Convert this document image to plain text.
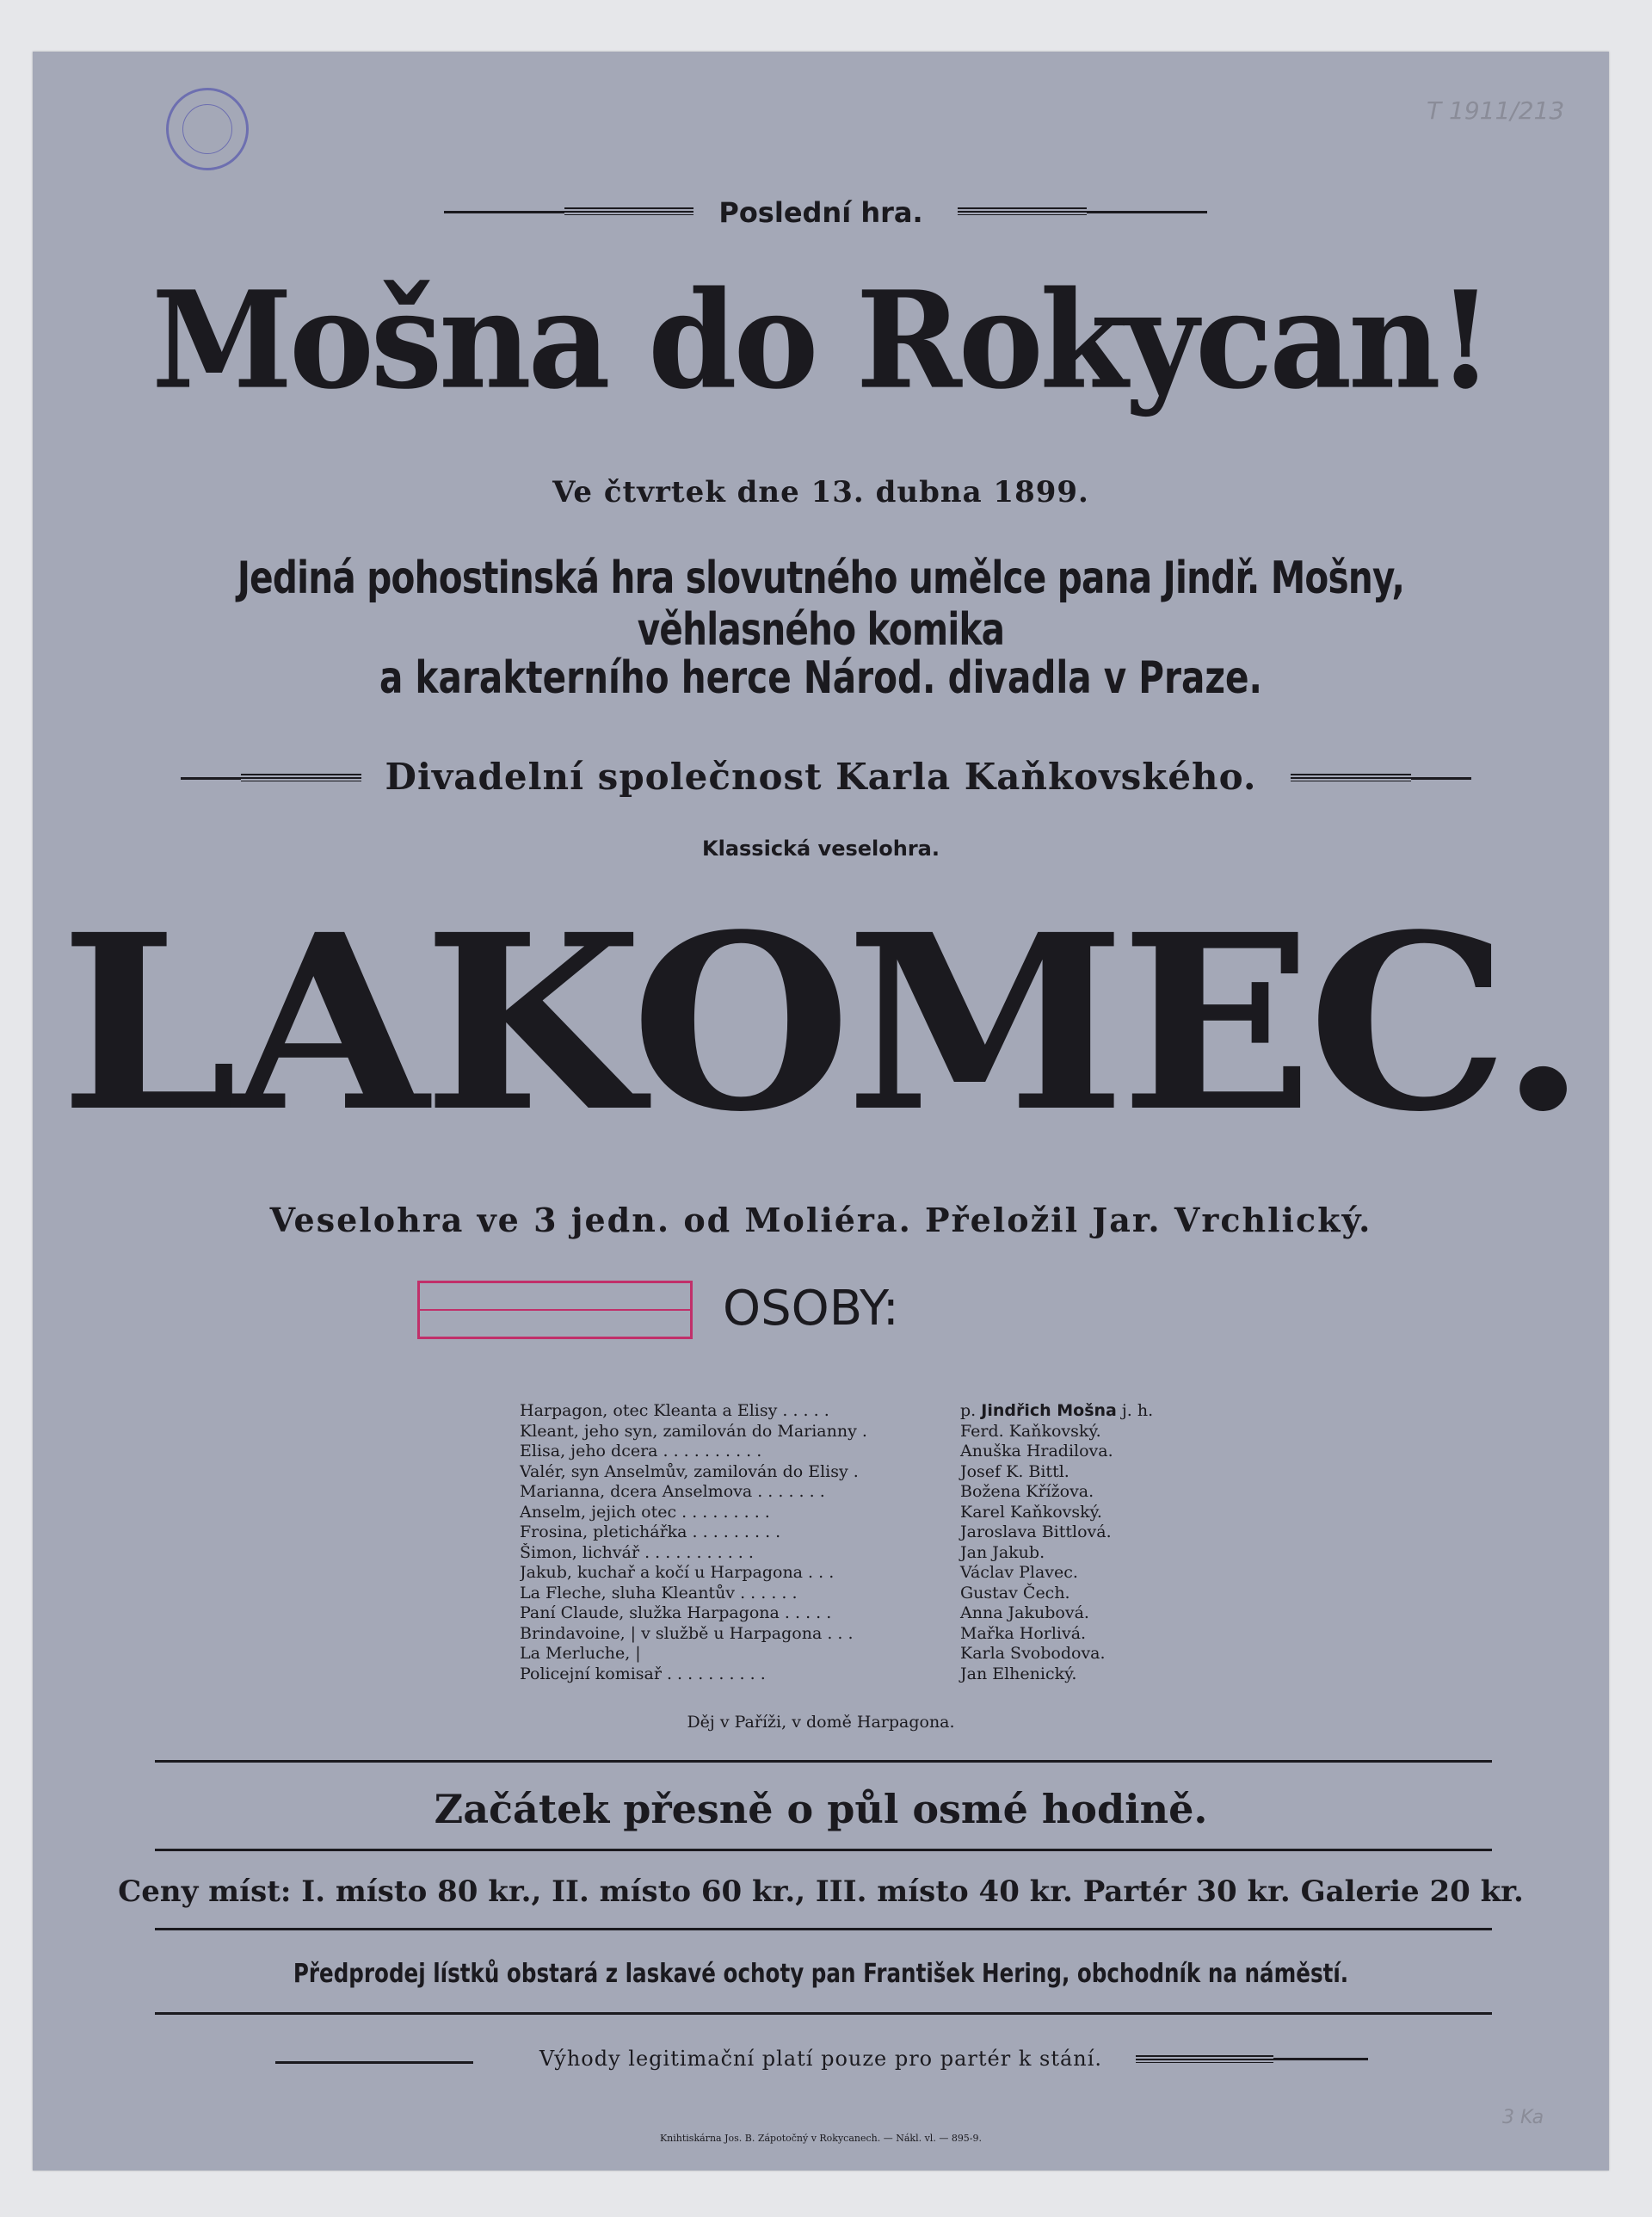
T 1911/213
Poslední hra.
Mošna do Rokycan!
Ve čtvrtek dne 13. dubna 1899.
Jediná pohostinská hra slovutného umělce pana Jindř. Mošny, věhlasného komika
a karakterního herce Národ. divadla v Praze.
Divadelní společnost Karla Kaňkovského.
Klassická veselohra.
LAKOMEC.
Veselohra ve 3 jedn. od Moliéra. Přeložil Jar. Vrchlický.
OSOBY:
Harpagon, otec Kleanta a Elisy . . . . .	p. Jindřich Mošna j. h.
Kleant, jeho syn, zamilován do Marianny .	Ferd. Kaňkovský.
Elisa, jeho dcera . . . . . . . . . .	Anuška Hradilova.
Valér, syn Anselmův, zamilován do Elisy .	Josef K. Bittl.
Marianna, dcera Anselmova . . . . . . .	Božena Křížova.
Anselm, jejich otec . . . . . . . . .	Karel Kaňkovský.
Frosina, pletichářka . . . . . . . . .	Jaroslava Bittlová.
Šimon, lichvář . . . . . . . . . . .	Jan Jakub.
Jakub, kuchař a kočí u Harpagona . . .	Václav Plavec.
La Fleche, sluha Kleantův . . . . . .	Gustav Čech.
Paní Claude, služka Harpagona . . . . .	Anna Jakubová.
Brindavoine, | v službě u Harpagona . . .	Mařka Horlivá.
La Merluche, |	Karla Svobodova.
Policejní komisař . . . . . . . . . .	Jan Elhenický.
Děj v Paříži, v domě Harpagona.
Začátek přesně o půl osmé hodině.
Ceny míst: I. místo 80 kr., II. místo 60 kr., III. místo 40 kr. Partér 30 kr. Galerie 20 kr.
Předprodej lístků obstará z laskavé ochoty pan František Hering, obchodník na náměstí.
Výhody legitimační platí pouze pro partér k stání.
Knihtiskárna Jos. B. Zápotočný v Rokycanech. — Nákl. vl. — 895-9.
3 Ka
